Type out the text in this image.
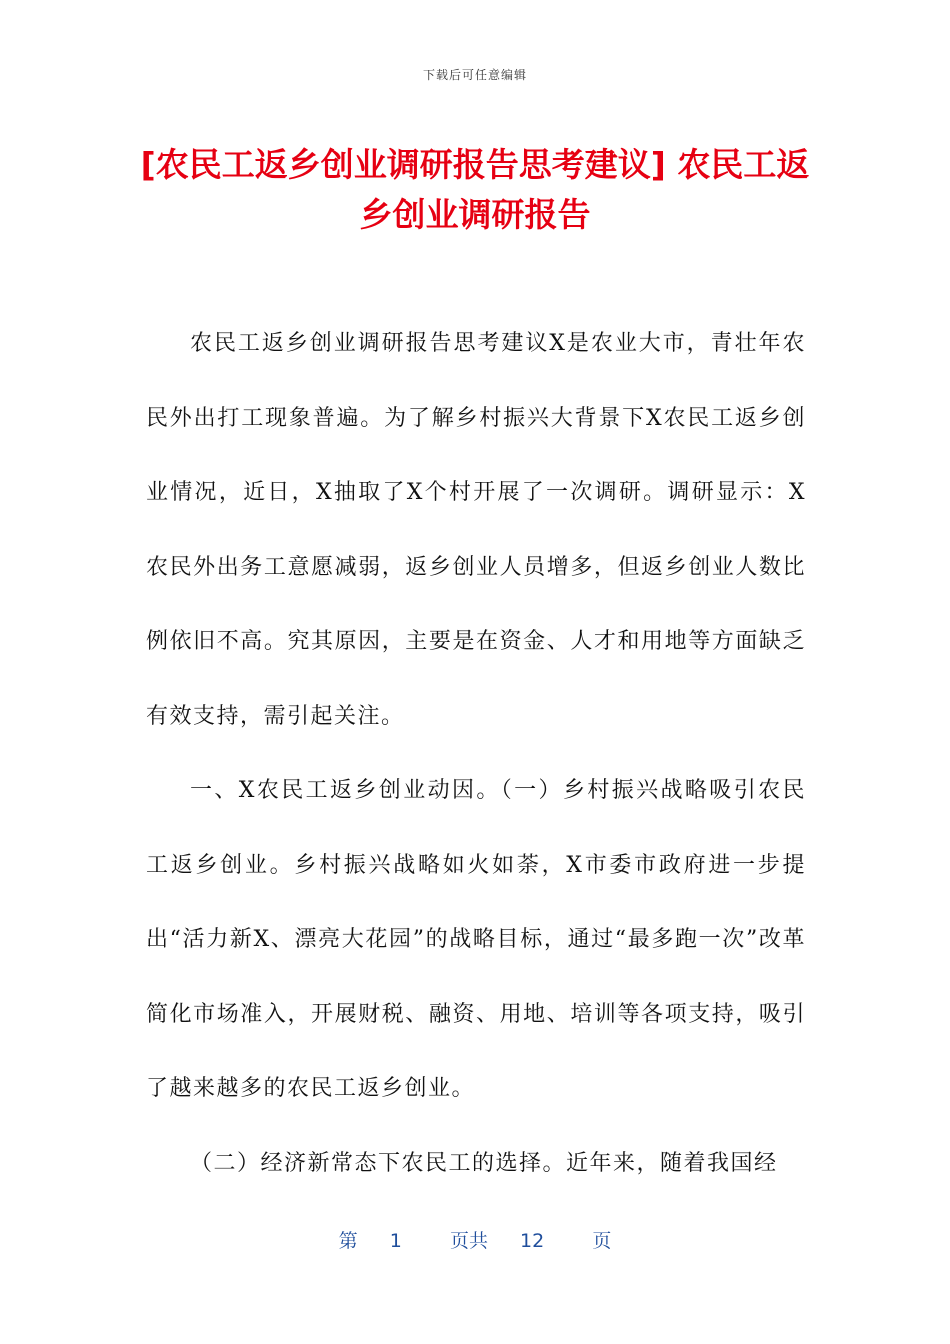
下载后可任意编辑
[农民工返乡创业调研报告思考建议] 农民工返乡创业调研报告

农民工返乡创业调研报告思考建议X是农业大市，青壮年农民外出打工现象普遍。为了解乡村振兴大背景下X农民工返乡创业情况，近日，X抽取了X个村开展了一次调研。调研显示：X农民外出务工意愿减弱，返乡创业人员增多，但返乡创业人数比例依旧不高。究其原因，主要是在资金、人才和用地等方面缺乏有效支持，需引起关注。

一、X农民工返乡创业动因。（一）乡村振兴战略吸引农民工返乡创业。乡村振兴战略如火如荼，X市委市政府进一步提出“活力新X、漂亮大花园”的战略目标，通过“最多跑一次”改革简化市场准入，开展财税、融资、用地、培训等各项支持，吸引了越来越多的农民工返乡创业。

（二）经济新常态下农民工的选择。近年来，随着我国经

第 1	页共 12	页
